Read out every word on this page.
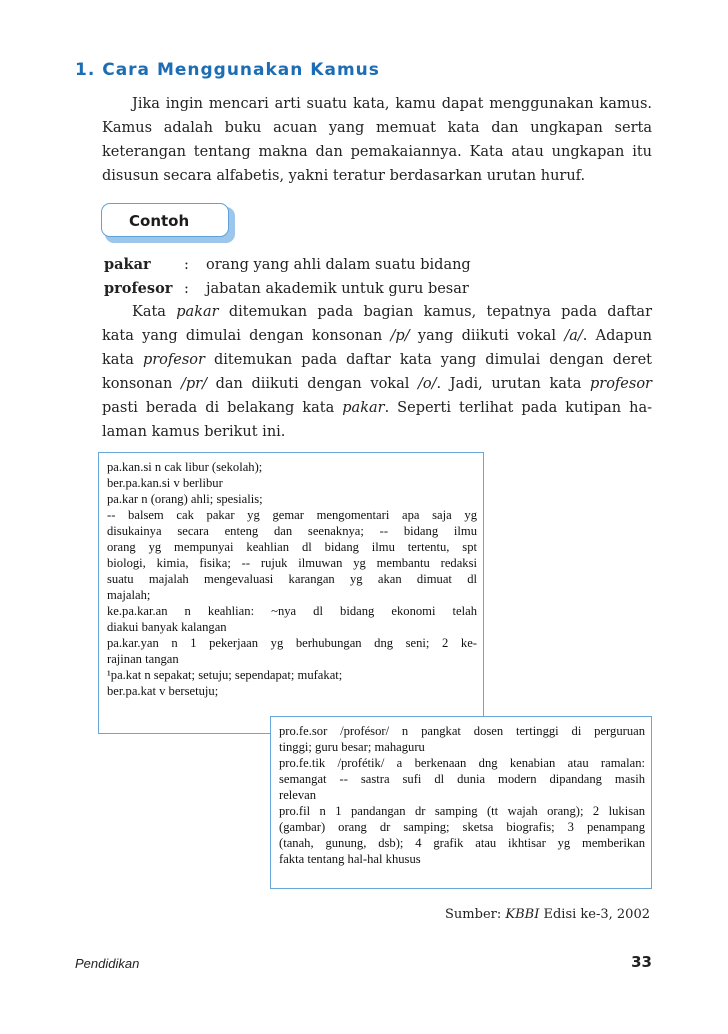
1. Cara Menggunakan Kamus
Jika ingin mencari arti suatu kata, kamu dapat menggunakan kamus.
Kamus adalah buku acuan yang memuat kata dan ungkapan serta
keterangan tentang makna dan pemakaiannya. Kata atau ungkapan itu
disusun secara alfabetis, yakni teratur berdasarkan urutan huruf.
Contoh
pakar	:	orang yang ahli dalam suatu bidang
profesor :	jabatan akademik untuk guru besar
Kata pakar ditemukan pada bagian kamus, tepatnya pada daftar
kata yang dimulai dengan konsonan /p/ yang diikuti vokal /a/. Adapun
kata profesor ditemukan pada daftar kata yang dimulai dengan deret
konsonan /pr/ dan diikuti dengan vokal /o/. Jadi, urutan kata profesor
pasti berada di belakang kata pakar. Seperti terlihat pada kutipan ha-
laman kamus berikut ini.
pa.kan.si n cak libur (sekolah);
ber.pa.kan.si v berlibur
pa.kar n (orang) ahli; spesialis;
-- balsem cak pakar yg gemar mengomentari apa saja yg
disukainya secara enteng dan seenaknya; -- bidang ilmu
orang yg mempunyai keahlian dl bidang ilmu tertentu, spt
biologi, kimia, fisika; -- rujuk ilmuwan yg membantu redaksi
suatu majalah mengevaluasi karangan yg akan dimuat dl
majalah;
ke.pa.kar.an n keahlian: ~nya dl bidang ekonomi telah
diakui banyak kalangan
pa.kar.yan n 1 pekerjaan yg berhubungan dng seni; 2 ke-
rajinan tangan
¹pa.kat n sepakat; setuju; sependapat; mufakat;
ber.pa.kat v bersetuju;
pro.fe.sor /profésor/ n pangkat dosen tertinggi di perguruan
tinggi; guru besar; mahaguru
pro.fe.tik /profétik/ a berkenaan dng kenabian atau ramalan:
semangat -- sastra sufi dl dunia modern dipandang masih
relevan
pro.fil n 1 pandangan dr samping (tt wajah orang); 2 lukisan
(gambar) orang dr samping; sketsa biografis; 3 penampang
(tanah, gunung, dsb); 4 grafik atau ikhtisar yg memberikan
fakta tentang hal-hal khusus

Sumber: KBBI Edisi ke-3, 2002

Pendidikan	33
